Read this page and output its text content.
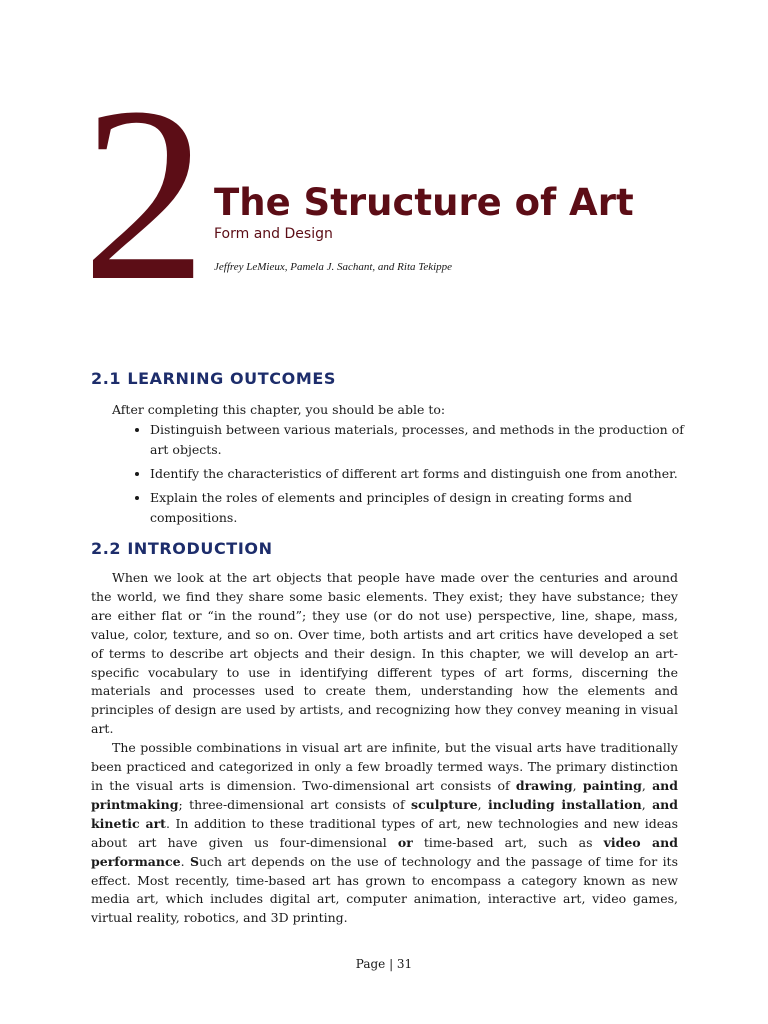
2 The Structure of Art
Form and Design
Jeffrey LeMieux, Pamela J. Sachant, and Rita Tekippe
2.1 LEARNING OUTCOMES
After completing this chapter, you should be able to:
• Distinguish between various materials, processes, and methods in the production of art objects.
• Identify the characteristics of different art forms and distinguish one from another.
• Explain the roles of elements and principles of design in creating forms and compositions.
2.2 INTRODUCTION

When we look at the art objects that people have made over the centuries and around the world, we find they share some basic elements. They exist; they have substance; they are either flat or “in the round”; they use (or do not use) perspective, line, shape, mass, value, color, texture, and so on. Over time, both artists and art critics have developed a set of terms to describe art objects and their design. In this chapter, we will develop an art-specific vocabulary to use in identifying different types of art forms, discerning the materials and processes used to create them, understanding how the elements and principles of design are used by artists, and recognizing how they convey meaning in visual art.

The possible combinations in visual art are infinite, but the visual arts have traditionally been practiced and categorized in only a few broadly termed ways. The primary distinction in the visual arts is dimension. Two-dimensional art consists of drawing, painting, and printmaking; three-dimensional art consists of sculpture, including installation, and kinetic art. In addition to these traditional types of art, new technologies and new ideas about art have given us four-dimensional or time-based art, such as video and performance. Such art depends on the use of technology and the passage of time for its effect. Most recently, time-based art has grown to encompass a category known as new media art, which includes digital art, computer animation, interactive art, video games, virtual reality, robotics, and 3D printing.

Page | 31
